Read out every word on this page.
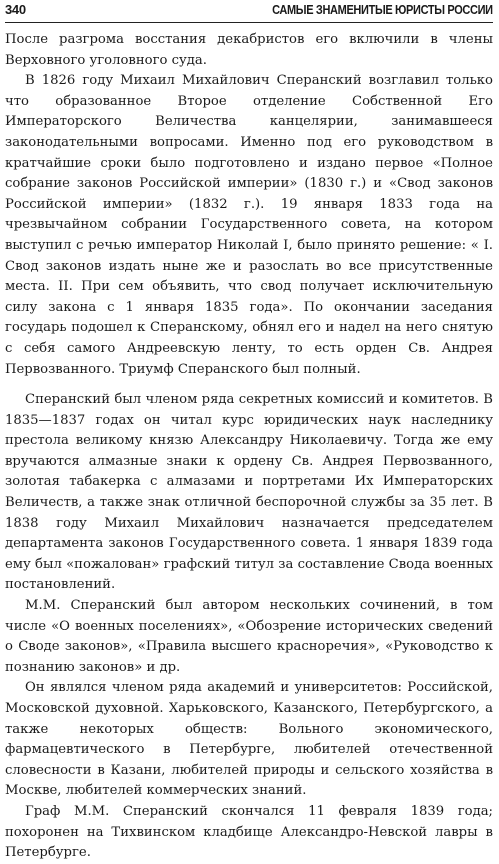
340	САМЫЕ ЗНАМЕНИТЫЕ ЮРИСТЫ РОССИИ

После разгрома восстания декабристов его включили в члены Верховного уголовного суда.

В 1826 году Михаил Михайлович Сперанский возглавил только что образованное Второе отделение Собственной Его Императорского Величества канцелярии, занимавшееся законодательными вопросами. Именно под его руководством в кратчайшие сроки было подготовлено и издано первое «Полное собрание законов Российской империи» (1830 г.) и «Свод законов Российской империи» (1832 г.). 19 января 1833 года на чрезвычайном собрании Государственного совета, на котором выступил с речью император Николай I, было принято решение: « I. Свод законов издать ныне же и разослать во все присутственные места. II. При сем объявить, что свод получает исключительную силу закона с 1 января 1835 года». По окончании заседания государь подошел к Сперанскому, обнял его и надел на него снятую с себя самого Андреевскую ленту, то есть орден Св. Андрея Первозванного. Триумф Сперанского был полный.

Сперанский был членом ряда секретных комиссий и комитетов. В 1835—1837 годах он читал курс юридических наук наследнику престола великому князю Александру Николаевичу. Тогда же ему вручаются алмазные знаки к ордену Св. Андрея Первозванного, золотая табакерка с алмазами и портретами Их Императорских Величеств, а также знак отличной беспорочной службы за 35 лет. В 1838 году Михаил Михайлович назначается председателем департамента законов Государственного совета. 1 января 1839 года ему был «пожалован» графский титул за составление Свода военных постановлений.

М.М. Сперанский был автором нескольких сочинений, в том числе «О военных поселениях», «Обозрение исторических сведений о Своде законов», «Правила высшего красноречия», «Руководство к познанию законов» и др.

Он являлся членом ряда академий и университетов: Российской, Московской духовной. Харьковского, Казанского, Петербургского, а также некоторых обществ: Вольного экономического, фармацевтического в Петербурге, любителей отечественной словесности в Казани, любителей природы и сельского хозяйства в Москве, любителей коммерческих знаний.

Граф М.М. Сперанский скончался 11 февраля 1839 года; похоронен на Тихвинском кладбище Александро-Невской лавры в Петербурге.
